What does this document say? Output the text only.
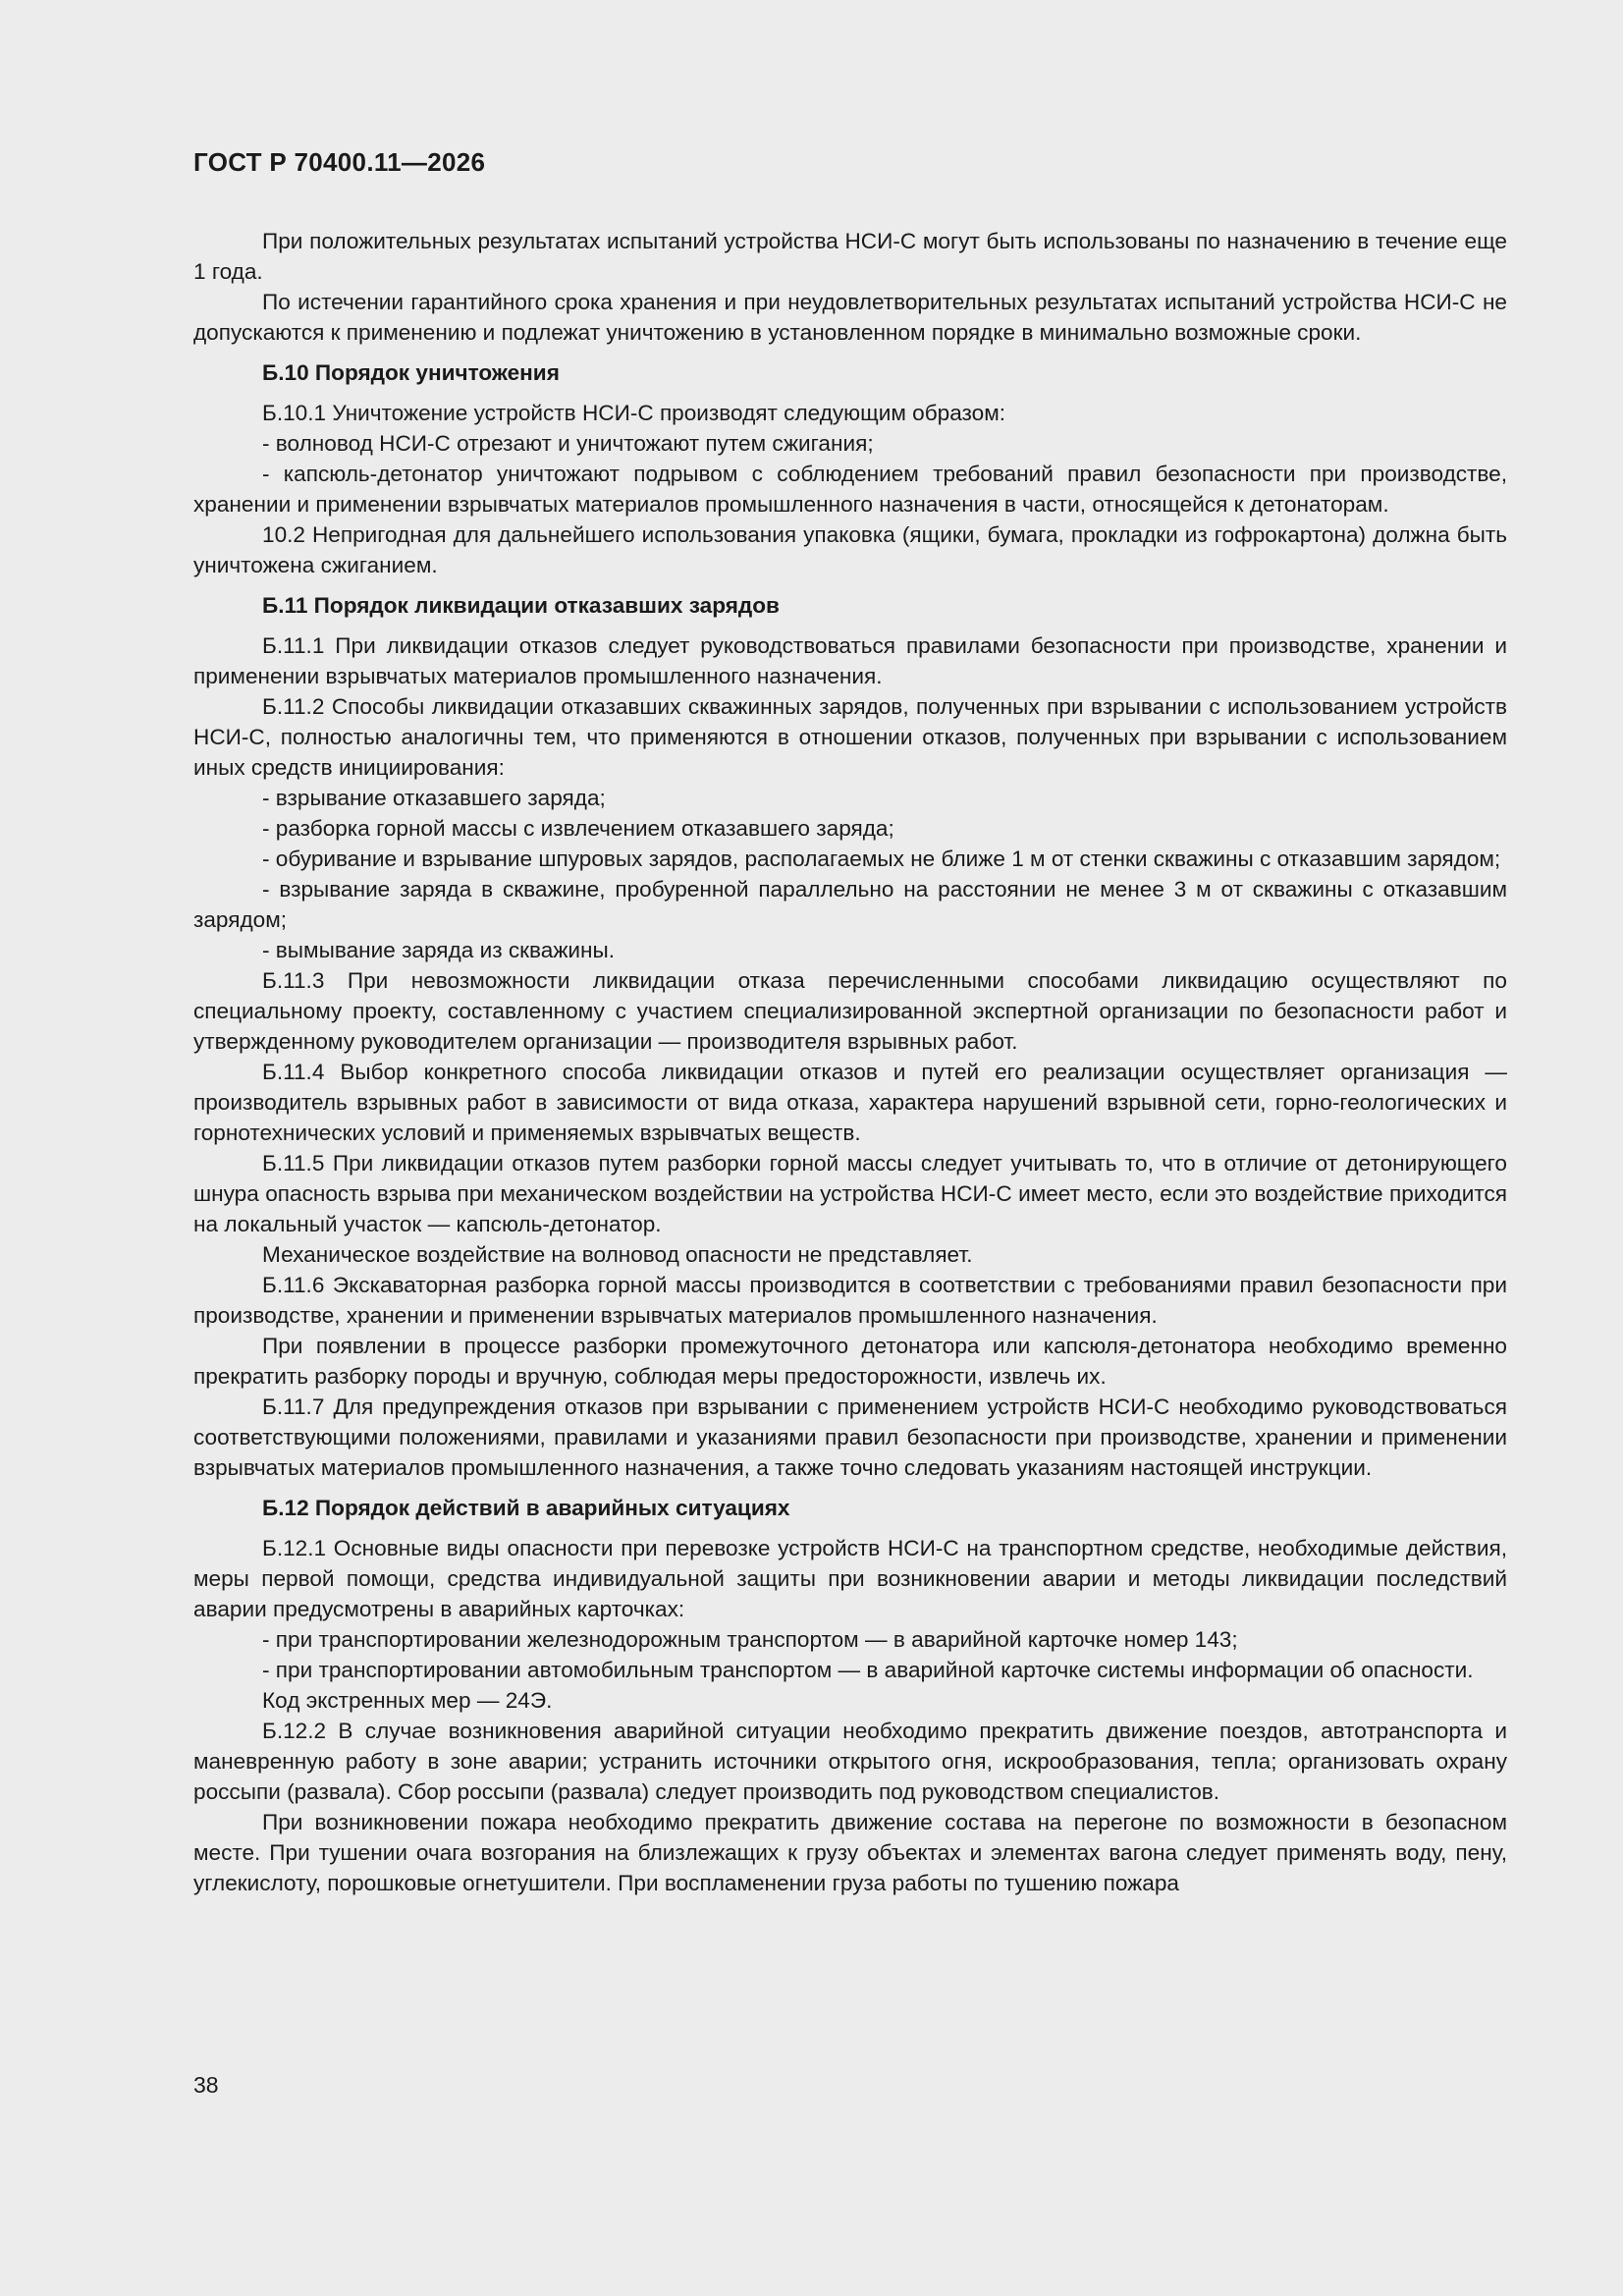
ГОСТ Р 70400.11—2026

При положительных результатах испытаний устройства НСИ-С могут быть использованы по назначению в течение еще 1 года.

По истечении гарантийного срока хранения и при неудовлетворительных результатах испытаний устройства НСИ-С не допускаются к применению и подлежат уничтожению в установленном порядке в минимально возможные сроки.

Б.10 Порядок уничтожения

Б.10.1 Уничтожение устройств НСИ-С производят следующим образом:

- волновод НСИ-С отрезают и уничтожают путем сжигания;

- капсюль-детонатор уничтожают подрывом с соблюдением требований правил безопасности при производстве, хранении и применении взрывчатых материалов промышленного назначения в части, относящейся к детонаторам.

10.2 Непригодная для дальнейшего использования упаковка (ящики, бумага, прокладки из гофрокартона) должна быть уничтожена сжиганием.

Б.11 Порядок ликвидации отказавших зарядов

Б.11.1 При ликвидации отказов следует руководствоваться правилами безопасности при производстве, хранении и применении взрывчатых материалов промышленного назначения.

Б.11.2 Способы ликвидации отказавших скважинных зарядов, полученных при взрывании с использованием устройств НСИ-С, полностью аналогичны тем, что применяются в отношении отказов, полученных при взрывании с использованием иных средств инициирования:

- взрывание отказавшего заряда;

- разборка горной массы с извлечением отказавшего заряда;

- обуривание и взрывание шпуровых зарядов, располагаемых не ближе 1 м от стенки скважины с отказавшим зарядом;

- взрывание заряда в скважине, пробуренной параллельно на расстоянии не менее 3 м от скважины с отказавшим зарядом;

- вымывание заряда из скважины.

Б.11.3 При невозможности ликвидации отказа перечисленными способами ликвидацию осуществляют по специальному проекту, составленному с участием специализированной экспертной организации по безопасности работ и утвержденному руководителем организации — производителя взрывных работ.

Б.11.4 Выбор конкретного способа ликвидации отказов и путей его реализации осуществляет организация — производитель взрывных работ в зависимости от вида отказа, характера нарушений взрывной сети, горно-геологических и горнотехнических условий и применяемых взрывчатых веществ.

Б.11.5 При ликвидации отказов путем разборки горной массы следует учитывать то, что в отличие от детонирующего шнура опасность взрыва при механическом воздействии на устройства НСИ-С имеет место, если это воздействие приходится на локальный участок — капсюль-детонатор.

Механическое воздействие на волновод опасности не представляет.

Б.11.6 Экскаваторная разборка горной массы производится в соответствии с требованиями правил безопасности при производстве, хранении и применении взрывчатых материалов промышленного назначения.

При появлении в процессе разборки промежуточного детонатора или капсюля-детонатора необходимо временно прекратить разборку породы и вручную, соблюдая меры предосторожности, извлечь их.

Б.11.7 Для предупреждения отказов при взрывании с применением устройств НСИ-С необходимо руководствоваться соответствующими положениями, правилами и указаниями правил безопасности при производстве, хранении и применении взрывчатых материалов промышленного назначения, а также точно следовать указаниям настоящей инструкции.

Б.12 Порядок действий в аварийных ситуациях

Б.12.1 Основные виды опасности при перевозке устройств НСИ-С на транспортном средстве, необходимые действия, меры первой помощи, средства индивидуальной защиты при возникновении аварии и методы ликвидации последствий аварии предусмотрены в аварийных карточках:

- при транспортировании железнодорожным транспортом — в аварийной карточке номер 143;

- при транспортировании автомобильным транспортом — в аварийной карточке системы информации об опасности.

Код экстренных мер — 24Э.

Б.12.2 В случае возникновения аварийной ситуации необходимо прекратить движение поездов, автотранспорта и маневренную работу в зоне аварии; устранить источники открытого огня, искрообразования, тепла; организовать охрану россыпи (развала). Сбор россыпи (развала) следует производить под руководством специалистов.

При возникновении пожара необходимо прекратить движение состава на перегоне по возможности в безопасном месте. При тушении очага возгорания на близлежащих к грузу объектах и элементах вагона следует применять воду, пену, углекислоту, порошковые огнетушители. При воспламенении груза работы по тушению пожара

38
